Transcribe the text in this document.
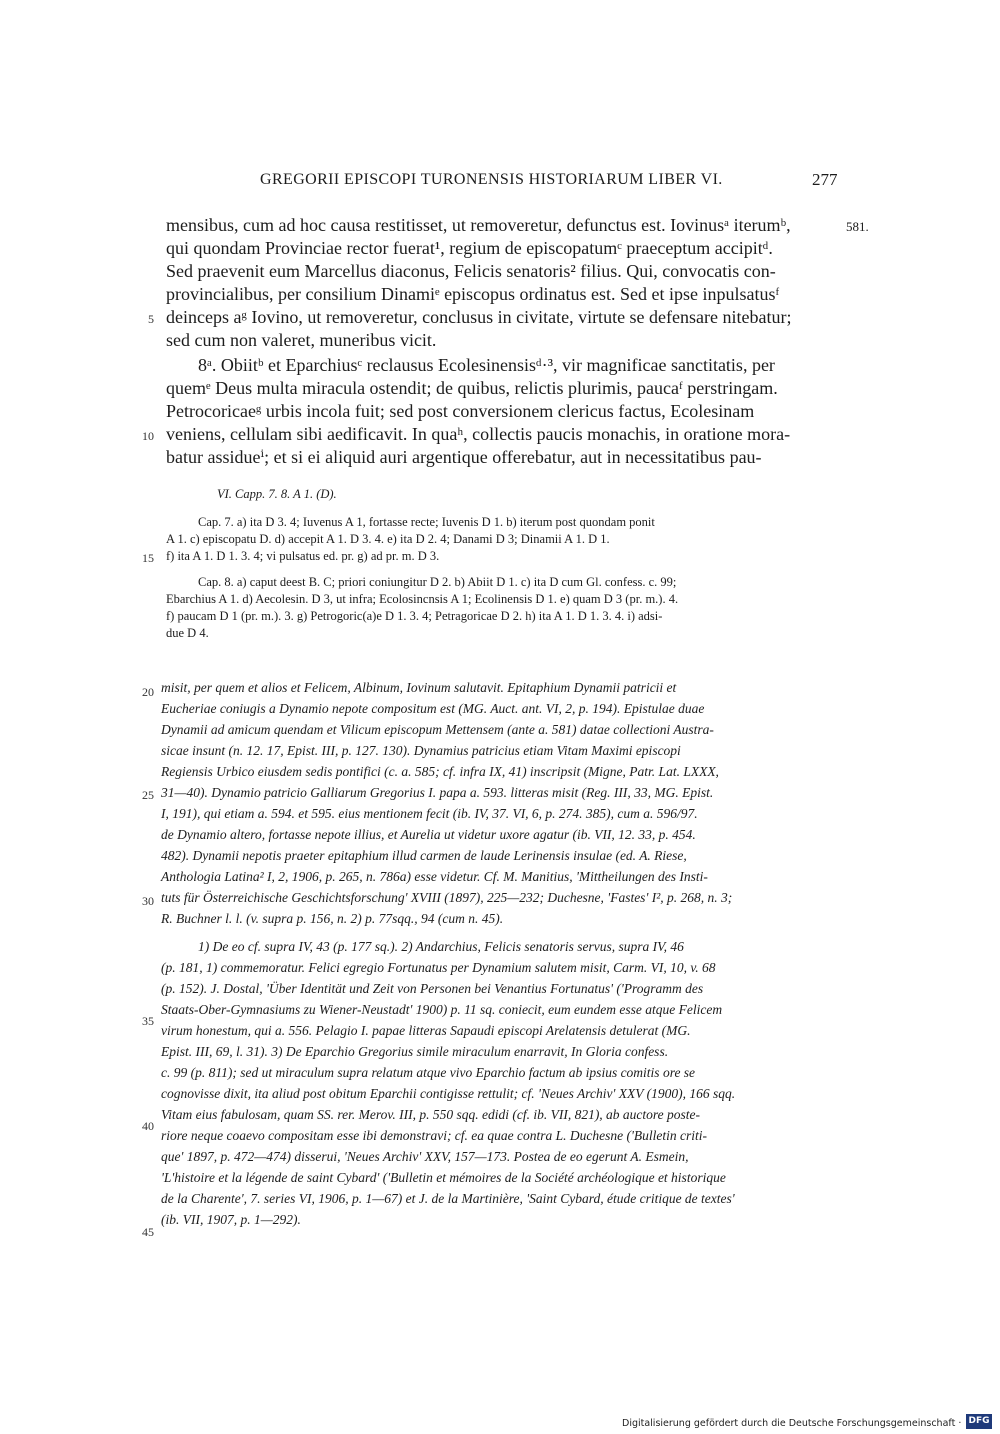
GREGORII EPISCOPI TURONENSIS HISTORIARUM LIBER VI.	277
581.
mensibus, cum ad hoc causa restitisset, ut removeretur, defunctus est. Iovinusᵃ iterumᵇ,
qui quondam Provinciae rector fuerat¹, regium de episcopatumᶜ praeceptum accipitᵈ.
Sed praevenit eum Marcellus diaconus, Felicis senatoris² filius. Qui, convocatis con-
provincialibus, per consilium Dinamiᵉ episcopus ordinatus est. Sed et ipse inpulsatusᶠ
deinceps aᵍ Iovino, ut removeretur, conclusus in civitate, virtute se defensare nitebatur;
sed cum non valeret, muneribus vicit.
8ᵃ. Obiitᵇ et Eparchiusᶜ reclausus Ecolesinensisᵈ·³, vir magnificae sanctitatis, per
quemᵉ Deus multa miracula ostendit; de quibus, relictis plurimis, paucaᶠ perstringam.
Petrocoricaeᵍ urbis incola fuit; sed post conversionem clericus factus, Ecolesinam
veniens, cellulam sibi aedificavit. In quaʰ, collectis paucis monachis, in oratione mora-
batur assidueⁱ; et si ei aliquid auri argentique offerebatur, aut in necessitatibus pau-
5
10
15
20
25
30
35
40
45
VI. Capp. 7. 8. A 1. (D).
Cap. 7. a) ita D 3. 4; Iuvenus A 1, fortasse recte; Iuvenis D 1. b) iterum post quondam ponit
A 1. c) episcopatu D. d) accepit A 1. D 3. 4. e) ita D 2. 4; Danami D 3; Dinamii A 1. D 1.
f) ita A 1. D 1. 3. 4; vi pulsatus ed. pr. g) ad pr. m. D 3.
Cap. 8. a) caput deest B. C; priori coniungitur D 2. b) Abiit D 1. c) ita D cum Gl. confess. c. 99;
Ebarchius A 1. d) Aecolesin. D 3, ut infra; Ecolosincnsis A 1; Ecolinensis D 1. e) quam D 3 (pr. m.). 4.
f) paucam D 1 (pr. m.). 3. g) Petrogoric(a)e D 1. 3. 4; Petragoricae D 2. h) ita A 1. D 1. 3. 4. i) adsi-
due D 4.
misit, per quem et alios et Felicem, Albinum, Iovinum salutavit. Epitaphium Dynamii patricii et
Eucheriae coniugis a Dynamio nepote compositum est (MG. Auct. ant. VI, 2, p. 194). Epistulae duae
Dynamii ad amicum quendam et Vilicum episcopum Mettensem (ante a. 581) datae collectioni Austra-
sicae insunt (n. 12. 17, Epist. III, p. 127. 130). Dynamius patricius etiam Vitam Maximi episcopi
Regiensis Urbico eiusdem sedis pontifici (c. a. 585; cf. infra IX, 41) inscripsit (Migne, Patr. Lat. LXXX,
31—40). Dynamio patricio Galliarum Gregorius I. papa a. 593. litteras misit (Reg. III, 33, MG. Epist.
I, 191), qui etiam a. 594. et 595. eius mentionem fecit (ib. IV, 37. VI, 6, p. 274. 385), cum a. 596/97.
de Dynamio altero, fortasse nepote illius, et Aurelia ut videtur uxore agatur (ib. VII, 12. 33, p. 454.
482). Dynamii nepotis praeter epitaphium illud carmen de laude Lerinensis insulae (ed. A. Riese,
Anthologia Latina² I, 2, 1906, p. 265, n. 786a) esse videtur. Cf. M. Manitius, 'Mittheilungen des Insti-
tuts für Österreichische Geschichtsforschung' XVIII (1897), 225—232; Duchesne, 'Fastes' I², p. 268, n. 3;
R. Buchner l. l. (v. supra p. 156, n. 2) p. 77sqq., 94 (cum n. 45).
1) De eo cf. supra IV, 43 (p. 177 sq.). 2) Andarchius, Felicis senatoris servus, supra IV, 46
(p. 181, 1) commemoratur. Felici egregio Fortunatus per Dynamium salutem misit, Carm. VI, 10, v. 68
(p. 152). J. Dostal, 'Über Identität und Zeit von Personen bei Venantius Fortunatus' ('Programm des
Staats-Ober-Gymnasiums zu Wiener-Neustadt' 1900) p. 11 sq. coniecit, eum eundem esse atque Felicem
virum honestum, qui a. 556. Pelagio I. papae litteras Sapaudi episcopi Arelatensis detulerat (MG.
Epist. III, 69, l. 31). 3) De Eparchio Gregorius simile miraculum enarravit, In Gloria confess.
c. 99 (p. 811); sed ut miraculum supra relatum atque vivo Eparchio factum ab ipsius comitis ore se
cognovisse dixit, ita aliud post obitum Eparchii contigisse rettulit; cf. 'Neues Archiv' XXV (1900), 166 sqq.
Vitam eius fabulosam, quam SS. rer. Merov. III, p. 550 sqq. edidi (cf. ib. VII, 821), ab auctore poste-
riore neque coaevo compositam esse ibi demonstravi; cf. ea quae contra L. Duchesne ('Bulletin criti-
que' 1897, p. 472—474) disserui, 'Neues Archiv' XXV, 157—173. Postea de eo egerunt A. Esmein,
'L'histoire et la légende de saint Cybard' ('Bulletin et mémoires de la Société archéologique et historique
de la Charente', 7. series VI, 1906, p. 1—67) et J. de la Martinière, 'Saint Cybard, étude critique de textes'
(ib. VII, 1907, p. 1—292).
Digitalisierung gefördert durch die Deutsche Forschungsgemeinschaft · DFG
